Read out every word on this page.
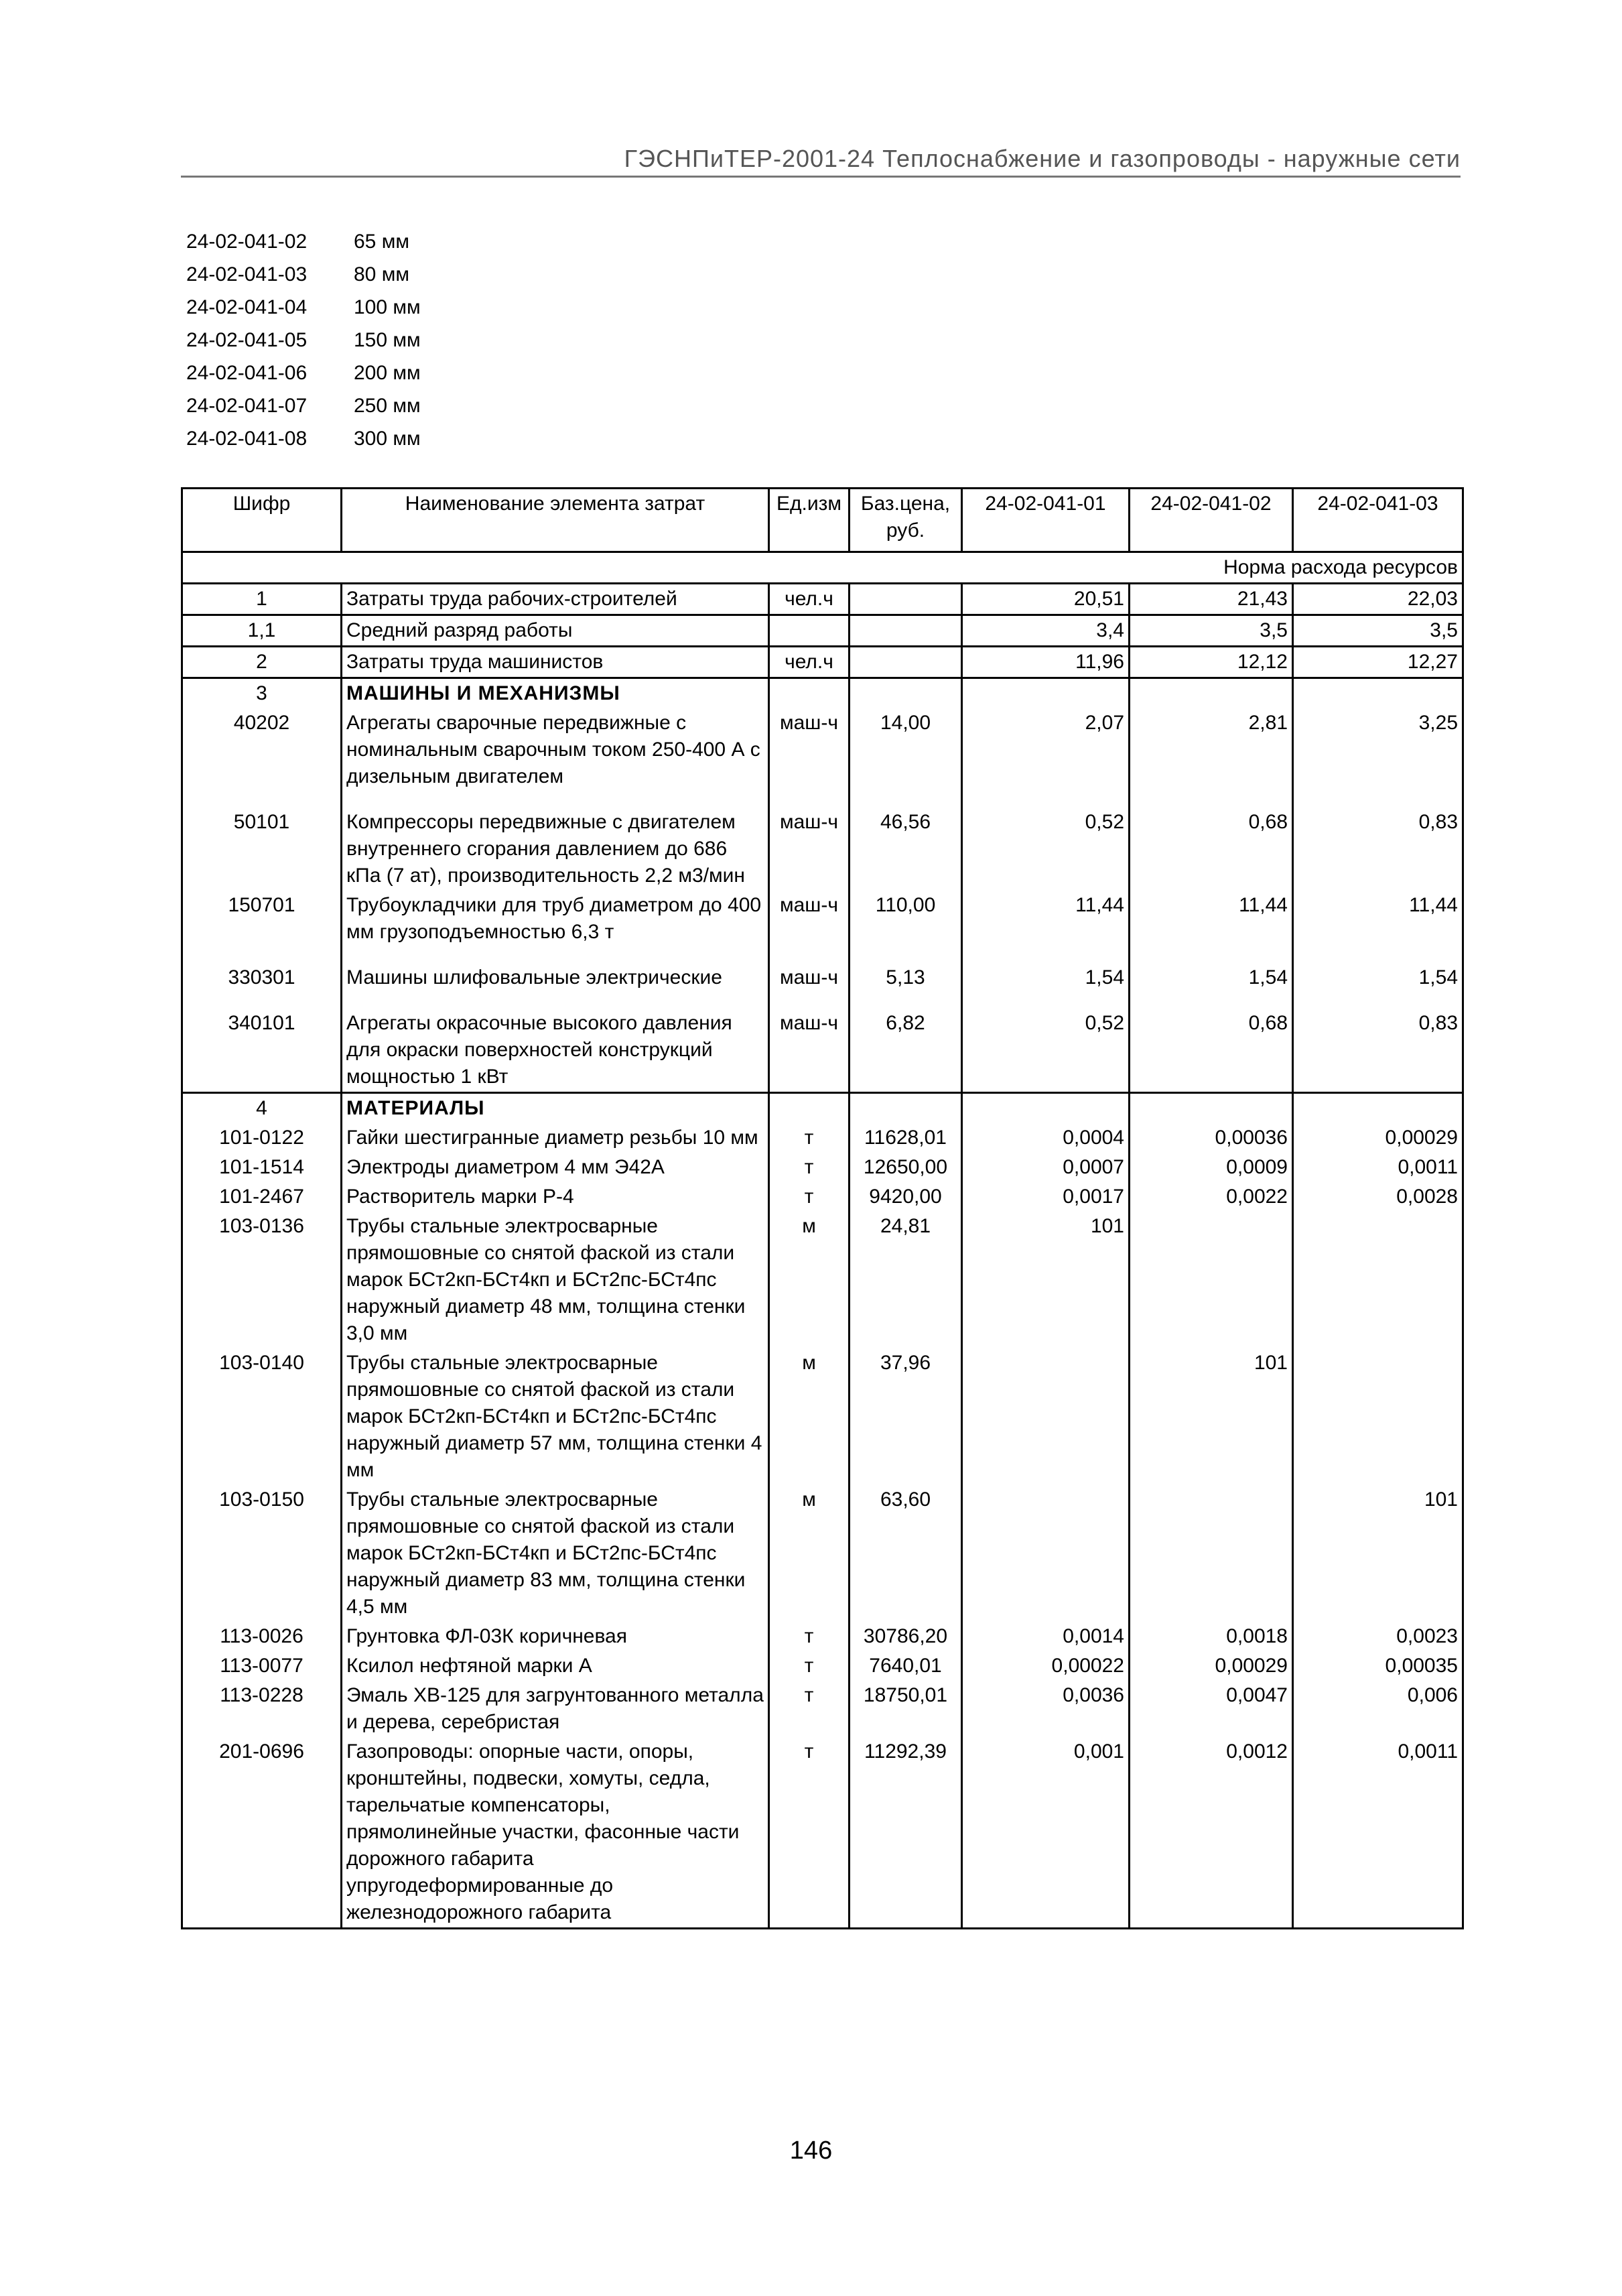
ГЭСНПиТЕР-2001-24 Теплоснабжение и газопроводы - наружные сети
24-02-041-02 65 мм
24-02-041-03 80 мм
24-02-041-04 100 мм
24-02-041-05 150 мм
24-02-041-06 200 мм
24-02-041-07 250 мм
24-02-041-08 300 мм
Шифр	Наименование элемента затрат	Ед.изм	Баз.цена, руб.	24-02-041-01	24-02-041-02	24-02-041-03
Норма расхода ресурсов						
1	Затраты труда рабочих-строителей	чел.ч		20,51	21,43	22,03
1,1	Средний разряд работы			3,4	3,5	3,5
2	Затраты труда машинистов	чел.ч		11,96	12,12	12,27
3	МАШИНЫ И МЕХАНИЗМЫ					
40202	Агрегаты сварочные передвижные с номинальным сварочным током 250-400 А с дизельным двигателем	маш-ч	14,00	2,07	2,81	3,25
50101	Компрессоры передвижные с двигателем внутреннего сгорания давлением до 686 кПа (7 ат), производительность 2,2 м3/мин	маш-ч	46,56	0,52	0,68	0,83
150701	Трубоукладчики для труб диаметром до 400 мм грузоподъемностью 6,3 т	маш-ч	110,00	11,44	11,44	11,44
330301	Машины шлифовальные электрические	маш-ч	5,13	1,54	1,54	1,54
340101	Агрегаты окрасочные высокого давления для окраски поверхностей конструкций мощностью 1 кВт	маш-ч	6,82	0,52	0,68	0,83
4	МАТЕРИАЛЫ					
101-0122	Гайки шестигранные диаметр резьбы 10 мм	т	11628,01	0,0004	0,00036	0,00029
101-1514	Электроды диаметром 4 мм Э42А	т	12650,00	0,0007	0,0009	0,0011
101-2467	Растворитель марки Р-4	т	9420,00	0,0017	0,0022	0,0028
103-0136	Трубы стальные электросварные прямошовные со снятой фаской из стали марок БСт2кп-БСт4кп и БСт2пс-БСт4пс наружный диаметр 48 мм, толщина стенки 3,0 мм	м	24,81	101		
103-0140	Трубы стальные электросварные прямошовные со снятой фаской из стали марок БСт2кп-БСт4кп и БСт2пс-БСт4пс наружный диаметр 57 мм, толщина стенки 4 мм	м	37,96		101	
103-0150	Трубы стальные электросварные прямошовные со снятой фаской из стали марок БСт2кп-БСт4кп и БСт2пс-БСт4пс наружный диаметр 83 мм, толщина стенки 4,5 мм	м	63,60			101
113-0026	Грунтовка ФЛ-03К коричневая	т	30786,20	0,0014	0,0018	0,0023
113-0077	Ксилол нефтяной марки А	т	7640,01	0,00022	0,00029	0,00035
113-0228	Эмаль ХВ-125 для загрунтованного металла и дерева, серебристая	т	18750,01	0,0036	0,0047	0,006
201-0696	Газопроводы: опорные части, опоры, кронштейны, подвески, хомуты, седла, тарельчатые компенсаторы, прямолинейные участки, фасонные части дорожного габарита упругодеформированные до железнодорожного габарита	т	11292,39	0,001	0,0012	0,0011
146
